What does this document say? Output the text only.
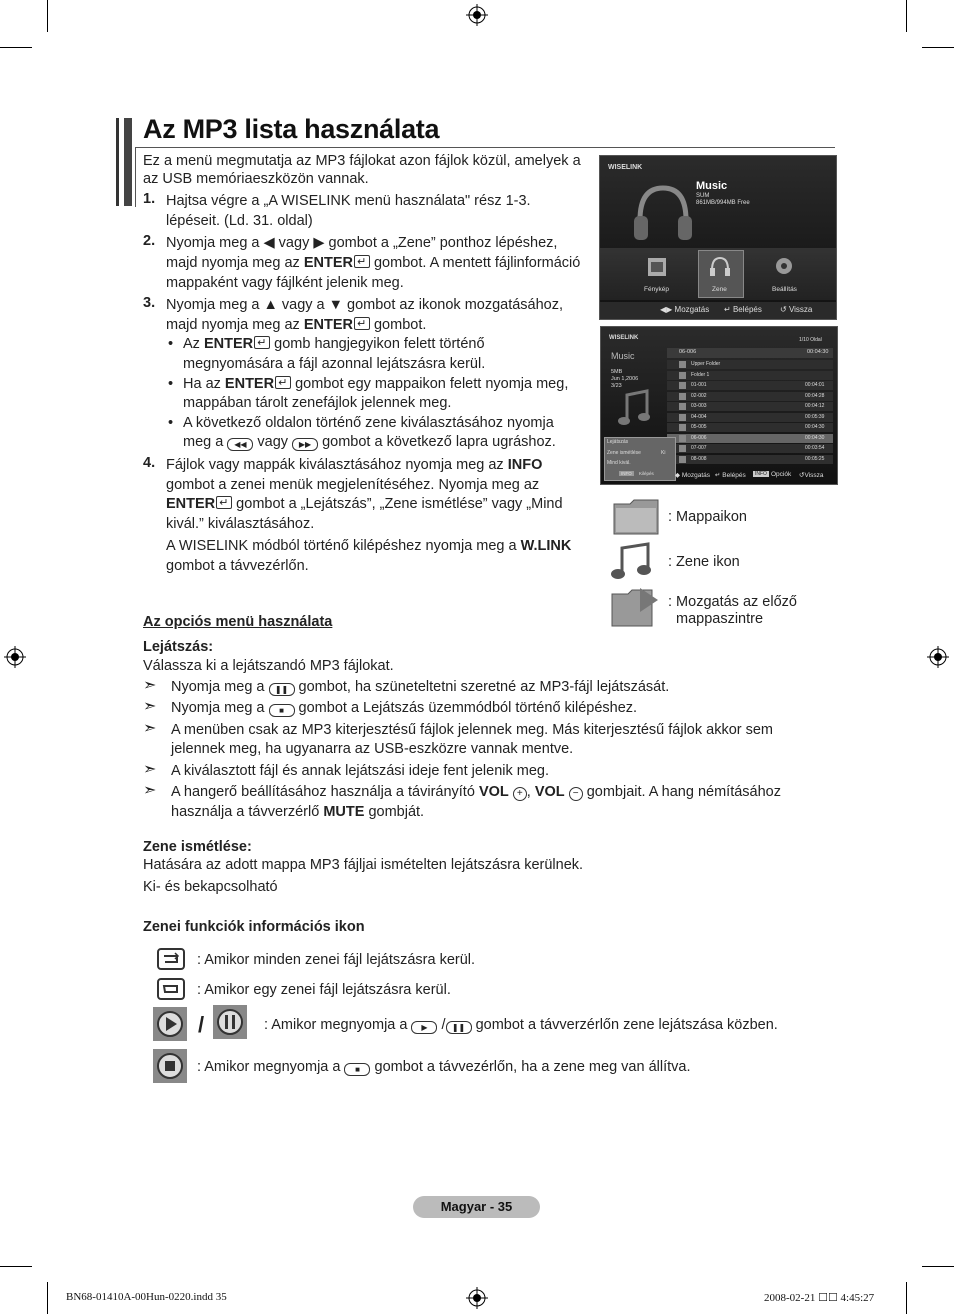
Az MP3 lista használata
Ez a menü megmutatja az MP3 fájlokat azon fájlok közül, amelyek a
az USB memóriaeszközön vannak.
1. Hajtsa végre a „A WISELINK menü használata" rész 1-3.
lépéseit. (Ld. 31. oldal)
2. Nyomja meg a ◀ vagy ▶ gombot a „Zene” ponthoz lépéshez,
majd nyomja meg az ENTER↵ gombot. A mentett fájlinformáció
mappaként vagy fájlként jelenik meg.
3. Nyomja meg a ▲ vagy a ▼ gombot az ikonok mozgatásához,
majd nyomja meg az ENTER↵ gombot.
• Az ENTER↵ gomb hangjegyikon felett történő
megnyomására a fájl azonnal lejátszásra kerül.
• Ha az ENTER↵ gombot egy mappaikon felett nyomja meg,
mappában tárolt zenefájlok jelennek meg.
• A következő oldalon történő zene kiválasztásához nyomja
meg a ◀◀ vagy ▶▶ gombot a következő lapra ugráshoz.
4. Fájlok vagy mappák kiválasztásához nyomja meg az INFO
gombot a zenei menük megjelenítéséhez. Nyomja meg az
ENTER↵ gombot a „Lejátszás”, „Zene ismétlése” vagy „Mind
kivál.” kiválasztásához.
A WISELINK módból történő kilépéshez nyomja meg a W.LINK
gombot a távvezérlőn.
WISELINK
Music
SUM
861MB/994MB Free
Fénykép	Zene	Beállítás
◀▶ Mozgatás ↵ Belépés ↺ Vissza
WISELINK	1/10 Oldal
Music
5MB
Jun 1,2006
3/23
06-006	00:04:30
Upper Folder
Folder 1
01-001	00:04:01
02-002	00:04:28
03-003	00:04:12
04-004	00:05:39
05-005	00:04:30
06-006	00:04:30
07-007	00:03:54
08-008	00:05:25
Lejátszás
Zene ismétlése	Ki
Mind kivál.
INFO	Kilépés	◆ Mozgatás ↵ Belépés	INFO Opciók ↺Vissza
: Mappaikon
: Zene ikon
: Mozgatás az előző
mappaszintre
Az opciós menü használata
Lejátszás:
Válassza ki a lejátszandó MP3 fájlokat.
➣ Nyomja meg a ❚❚ gombot, ha szüneteltetni szeretné az MP3-fájl lejátszását.
➣ Nyomja meg a ■ gombot a Lejátszás üzemmódból történő kilépéshez.
➣ A menüben csak az MP3 kiterjesztésű fájlok jelennek meg. Más kiterjesztésű fájlok akkor sem
jelennek meg, ha ugyanarra az USB-eszközre vannak mentve.
➣ A kiválasztott fájl és annak lejátszási ideje fent jelenik meg.
➣ A hangerő beállításához használja a távirányító VOL + , VOL − gombjait. A hang némításához
használja a távverzérlő MUTE gombját.
Zene ismétlése:
Hatására az adott mappa MP3 fájljai ismételten lejátszásra kerülnek.
Ki- és bekapcsolható
Zenei funkciók információs ikon
: Amikor minden zenei fájl lejátszásra kerül.
: Amikor egy zenei fájl lejátszásra kerül.
/	: Amikor megnyomja a ▶ / ❚❚ gombot a távverzérlőn zene lejátszása közben.
: Amikor megnyomja a ■ gombot a távvezérlőn, ha a zene meg van állítva.
Magyar - 35
BN68-01410A-00Hun-0220.indd 35	2008-02-21 ☐☐ 4:45:27
